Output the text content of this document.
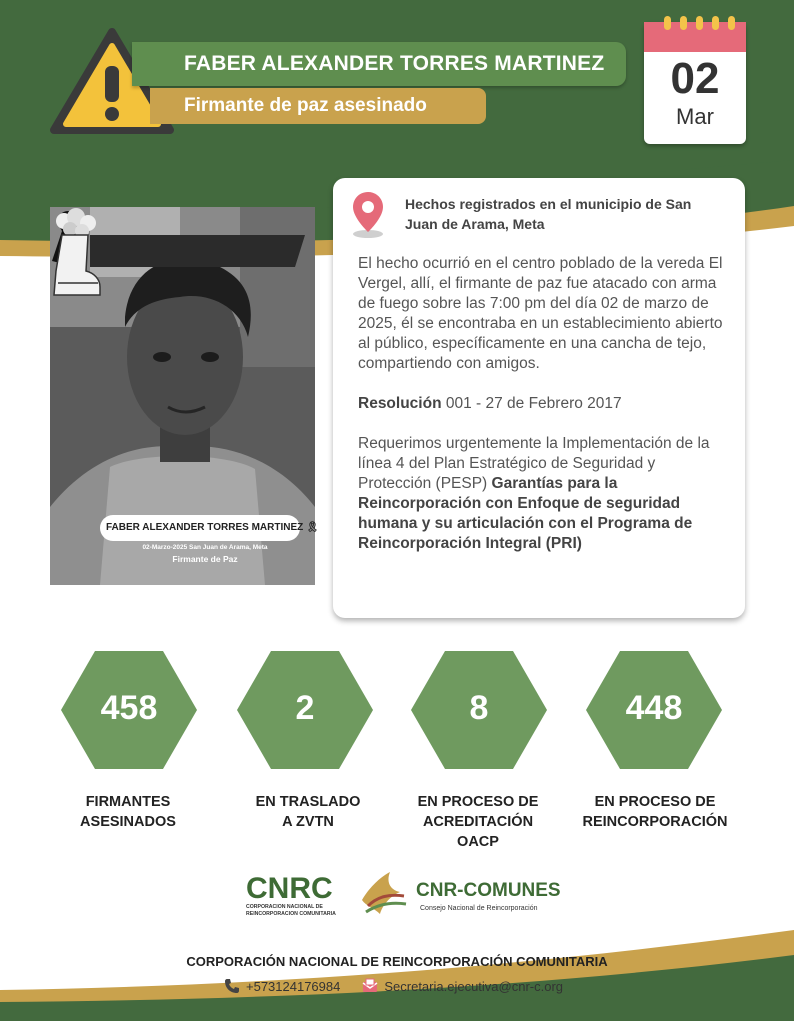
FABER ALEXANDER TORRES MARTINEZ
Firmante de paz asesinado
02
Mar
FABER ALEXANDER TORRES MARTINEZ 🎗
02-Marzo-2025 San Juan de Arama, Meta
Firmante de Paz
Hechos registrados en el municipio de San Juan de Arama, Meta

El hecho ocurrió en el centro poblado de la vereda El Vergel, allí, el firmante de paz fue atacado con arma de fuego sobre las 7:00 pm del día 02 de marzo de 2025, él se encontraba en un establecimiento abierto al público, específicamente en una cancha de tejo, compartiendo con amigos.

Resolución 001 - 27 de Febrero 2017

Requerimos urgentemente la Implementación de la línea 4 del Plan Estratégico de Seguridad y Protección (PESP) Garantías para la Reincorporación con Enfoque de seguridad humana y su articulación con el Programa de Reincorporación Integral (PRI)

458
FIRMANTES
ASESINADOS
2
EN TRASLADO
A ZVTN
8
EN PROCESO DE
ACREDITACIÓN
OACP
448
EN PROCESO DE
REINCORPORACIÓN
CNRC
CORPORACION NACIONAL DE
REINCORPORACION COMUNITARIA
CNR-COMUNES
Consejo Nacional de Reincorporación
CORPORACIÓN NACIONAL DE REINCORPORACIÓN COMUNITARIA
+573124176984	Secretaria.ejecutiva@cnr-c.org
